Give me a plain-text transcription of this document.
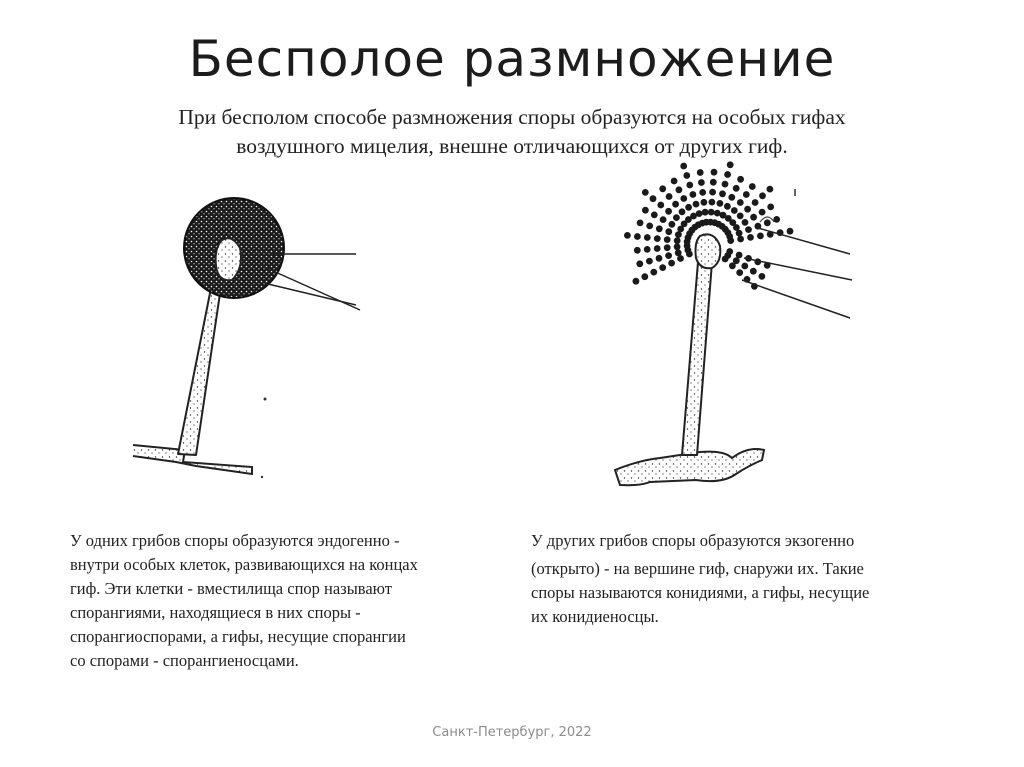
Бесполое размножение

При бесполом способе размножения споры образуются на особых гифах
воздушного мицелия, внешне отличающихся от других гиф.

У одних грибов споры образуются эндогенно -
внутри особых клеток, развивающихся на концах
гиф. Эти клетки - вместилища спор называют
спорангиями, находящиеся в них споры -
спорангиоспорами, а гифы, несущие спорангии
со спорами - спорангиеносцами.

У других грибов споры образуются экзогенно
(открыто) - на вершине гиф, снаружи их. Такие
споры называются конидиями, а гифы, несущие
их конидиеносцы.

Санкт-Петербург, 2022
